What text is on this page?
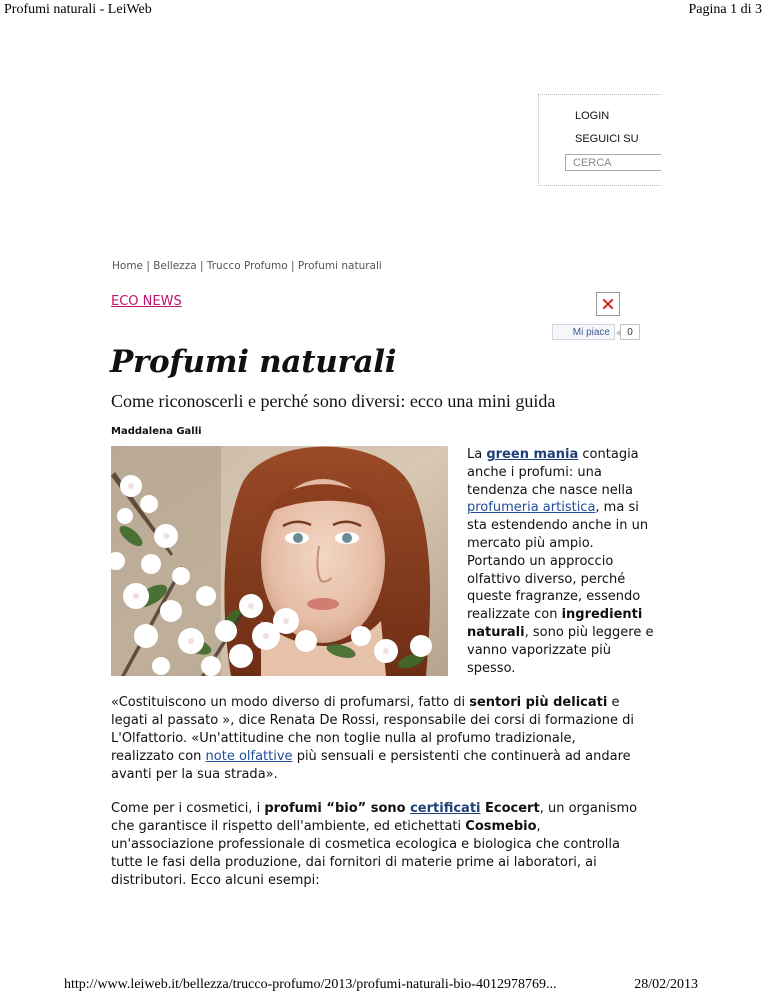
Profumi naturali - LeiWeb	Pagina 1 di 3
LOGIN
SEGUICI SU
CERCA
Home | Bellezza | Trucco Profumo | Profumi naturali
ECO NEWS
Mi piace	0
Profumi naturali
Come riconoscerli e perché sono diversi: ecco una mini guida
Maddalena Galli
La green mania contagia
anche i profumi: una
tendenza che nasce nella
profumeria artistica, ma si
sta estendendo anche in un
mercato più ampio.
Portando un approccio
olfattivo diverso, perché
queste fragranze, essendo
realizzate con ingredienti
naturali, sono più leggere e
vanno vaporizzate più
spesso.
«Costituiscono un modo diverso di profumarsi, fatto di sentori più delicati e
legati al passato », dice Renata De Rossi, responsabile dei corsi di formazione di
L'Olfattorio. «Un'attitudine che non toglie nulla al profumo tradizionale,
realizzato con note olfattive più sensuali e persistenti che continuerà ad andare
avanti per la sua strada».
Come per i cosmetici, i profumi “bio” sono certificati Ecocert, un organismo
che garantisce il rispetto dell'ambiente, ed etichettati Cosmebio,
un'associazione professionale di cosmetica ecologica e biologica che controlla
tutte le fasi della produzione, dai fornitori di materie prime ai laboratori, ai
distributori. Ecco alcuni esempi:
http://www.leiweb.it/bellezza/trucco-profumo/2013/profumi-naturali-bio-4012978769...	28/02/2013
